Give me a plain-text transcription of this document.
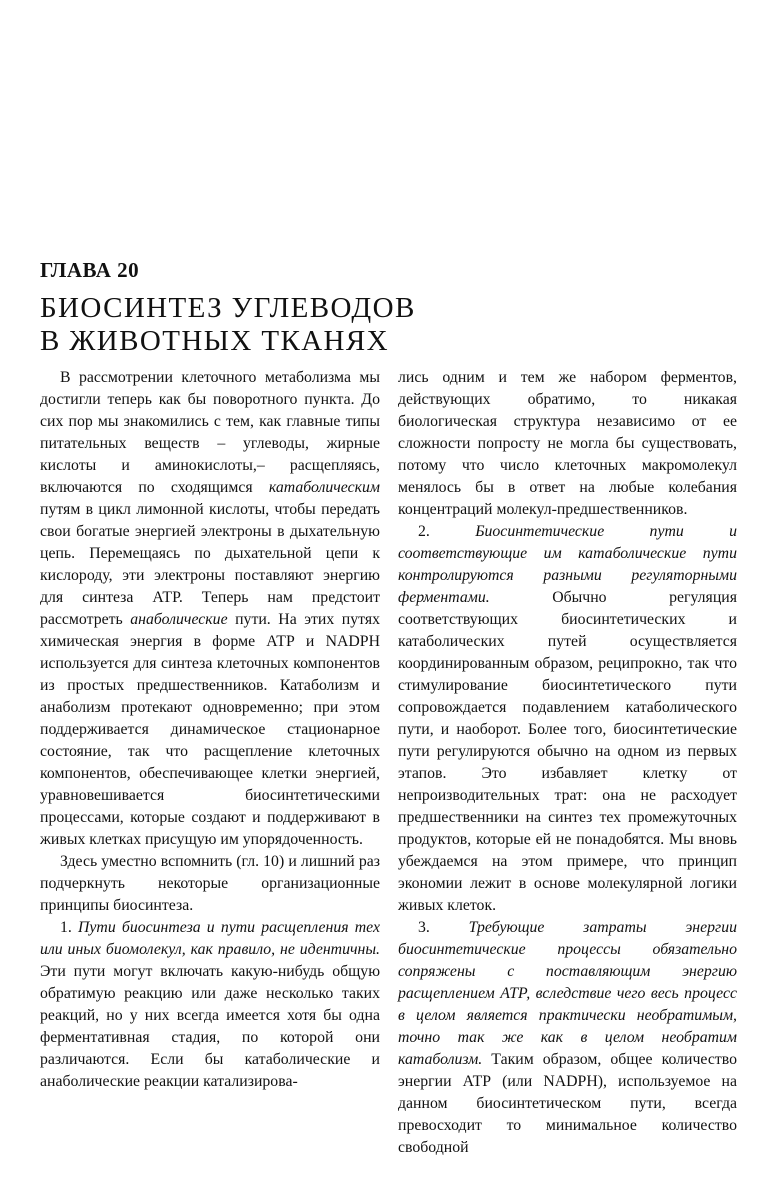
ГЛАВА 20
БИОСИНТЕЗ УГЛЕВОДОВ
В ЖИВОТНЫХ ТКАНЯХ

В рассмотрении клеточного метаболизма мы достигли теперь как бы поворотного пункта. До сих пор мы знакомились с тем, как главные типы питательных веществ – углеводы, жирные кислоты и аминокислоты,– расщепляясь, включаются по сходящимся катаболическим путям в цикл лимонной кислоты, чтобы передать свои богатые энергией электроны в дыхательную цепь. Перемещаясь по дыхательной цепи к кислороду, эти электроны поставляют энергию для синтеза АТР. Теперь нам предстоит рассмотреть анаболические пути. На этих путях химическая энергия в форме АТР и NADPH используется для синтеза клеточных компонентов из простых предшественников. Катаболизм и анаболизм протекают одновременно; при этом поддерживается динамическое стационарное состояние, так что расщепление клеточных компонентов, обеспечивающее клетки энергией, уравновешивается биосинтетическими процессами, которые создают и поддерживают в живых клетках присущую им упорядоченность.

Здесь уместно вспомнить (гл. 10) и лишний раз подчеркнуть некоторые организационные принципы биосинтеза.

1. Пути биосинтеза и пути расщепления тех или иных биомолекул, как правило, не идентичны. Эти пути могут включать какую-нибудь общую обратимую реакцию или даже несколько таких реакций, но у них всегда имеется хотя бы одна ферментативная стадия, по которой они различаются. Если бы катаболические и анаболические реакции катализирова-

лись одним и тем же набором ферментов, действующих обратимо, то никакая биологическая структура независимо от ее сложности попросту не могла бы существовать, потому что число клеточных макромолекул менялось бы в ответ на любые колебания концентраций молекул-предшественников.

2. Биосинтетические пути и соответствующие им катаболические пути контролируются разными регуляторными ферментами. Обычно регуляция соответствующих биосинтетических и катаболических путей осуществляется координированным образом, реципрокно, так что стимулирование биосинтетического пути сопровождается подавлением катаболического пути, и наоборот. Более того, биосинтетические пути регулируются обычно на одном из первых этапов. Это избавляет клетку от непроизводительных трат: она не расходует предшественники на синтез тех промежуточных продуктов, которые ей не понадобятся. Мы вновь убеждаемся на этом примере, что принцип экономии лежит в основе молекулярной логики живых клеток.

3. Требующие затраты энергии биосинтетические процессы обязательно сопряжены с поставляющим энергию расщеплением АТР, вследствие чего весь процесс в целом является практически необратимым, точно так же как в целом необратим катаболизм. Таким образом, общее количество энергии АТР (или NADPH), используемое на данном биосинтетическом пути, всегда превосходит то минимальное количество свободной
